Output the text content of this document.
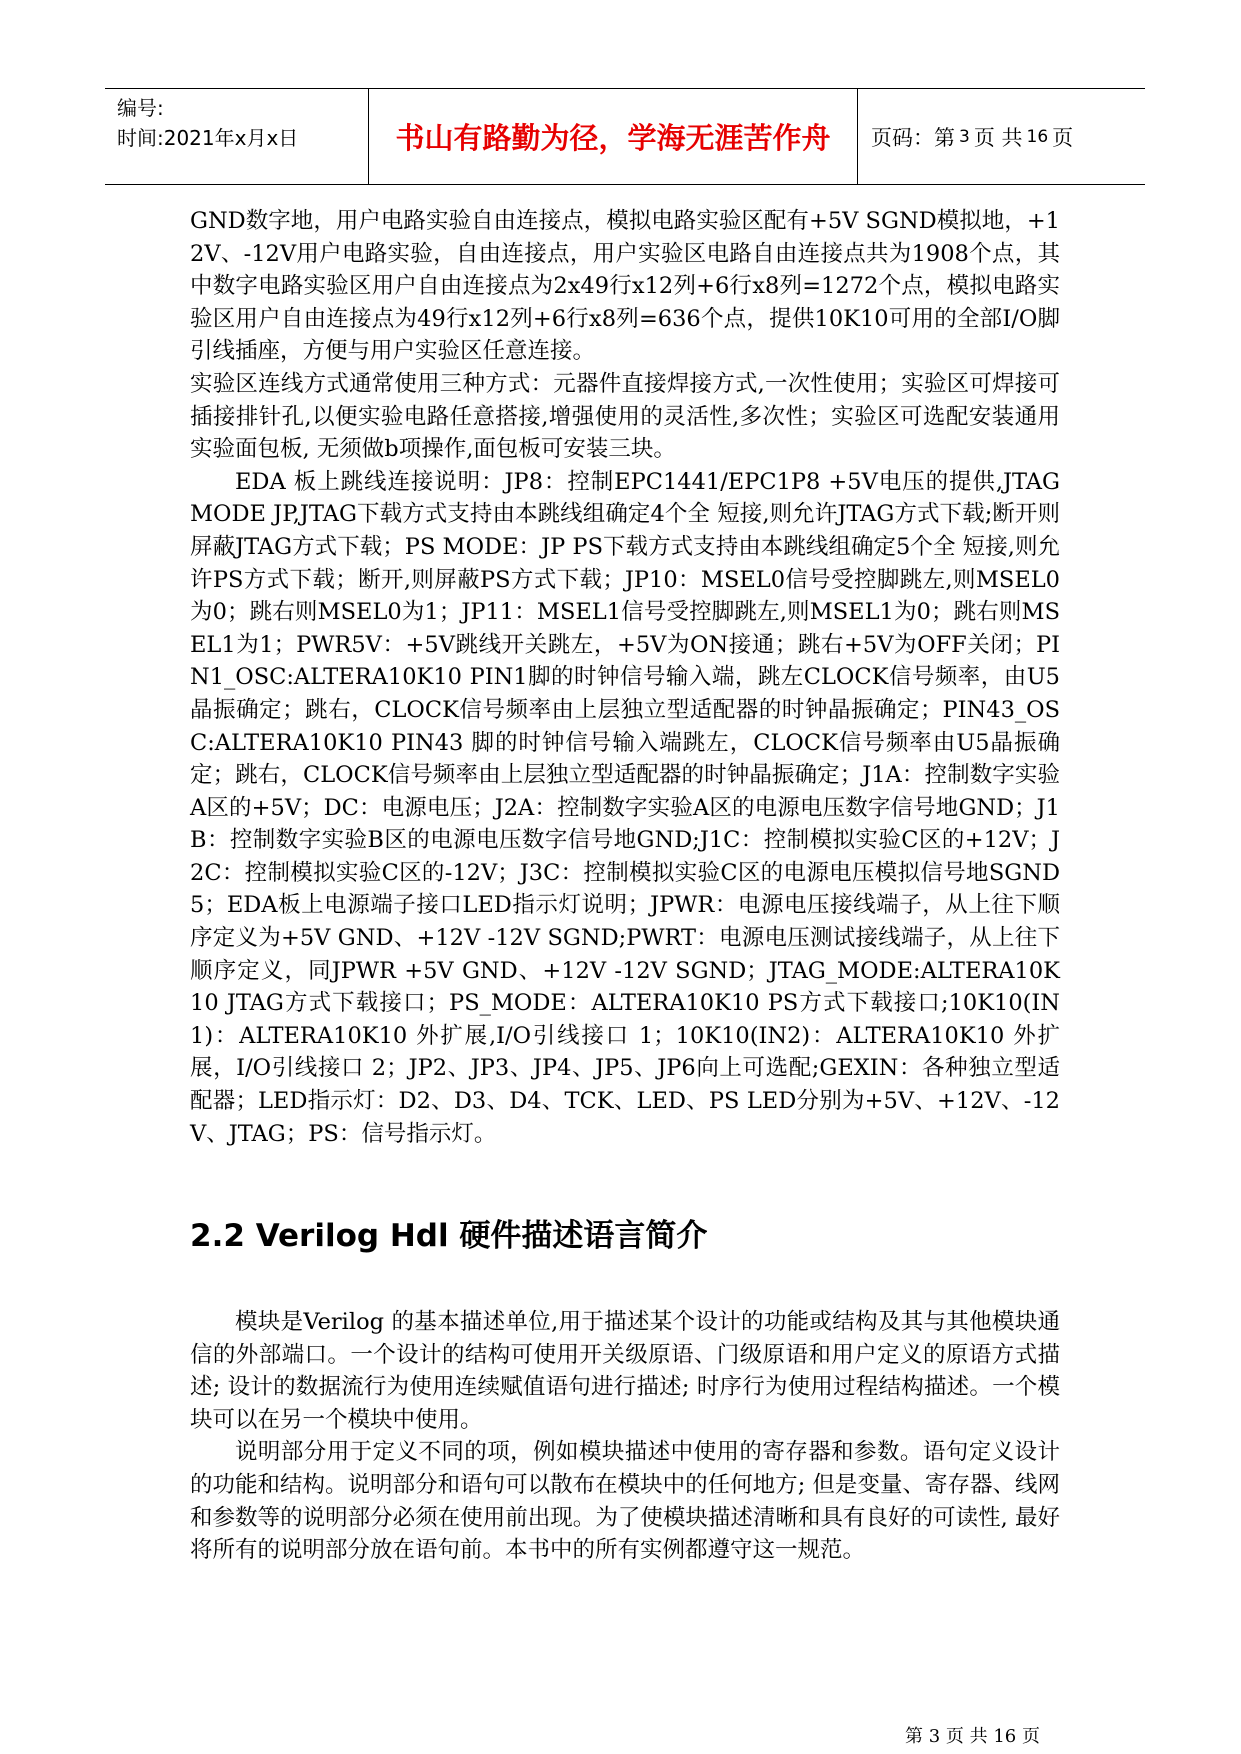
编号:
时间:2021年x月x日	书山有路勤为径，学海无涯苦作舟	页码：第 3 页 共 16 页

GND数字地，用户电路实验自由连接点，模拟电路实验区配有+5V SGND模拟地，+12V、-12V用户电路实验，自由连接点，用户实验区电路自由连接点共为1908个点，其中数字电路实验区用户自由连接点为2x49行x12列+6行x8列=1272个点，模拟电路实验区用户自由连接点为49行x12列+6行x8列=636个点，提供10K10可用的全部I/O脚引线插座，方便与用户实验区任意连接。

实验区连线方式通常使用三种方式：元器件直接焊接方式,一次性使用；实验区可焊接可插接排针孔,以便实验电路任意搭接,增强使用的灵活性,多次性；实验区可选配安装通用实验面包板, 无须做b项操作,面包板可安装三块。

EDA 板上跳线连接说明：JP8：控制EPC1441/EPC1P8 +5V电压的提供,JTAG MODE JP,JTAG下载方式支持由本跳线组确定4个全 短接,则允许JTAG方式下载;断开则屏蔽JTAG方式下载；PS MODE：JP PS下载方式支持由本跳线组确定5个全 短接,则允许PS方式下载；断开,则屏蔽PS方式下载；JP10：MSEL0信号受控脚跳左,则MSEL0为0；跳右则MSEL0为1；JP11：MSEL1信号受控脚跳左,则MSEL1为0；跳右则MSEL1为1；PWR5V：+5V跳线开关跳左，+5V为ON接通；跳右+5V为OFF关闭；PIN1_OSC:ALTERA10K10 PIN1脚的时钟信号输入端，跳左CLOCK信号频率，由U5晶振确定；跳右，CLOCK信号频率由上层独立型适配器的时钟晶振确定；PIN43_OSC:ALTERA10K10 PIN43 脚的时钟信号输入端跳左，CLOCK信号频率由U5晶振确定；跳右，CLOCK信号频率由上层独立型适配器的时钟晶振确定；J1A：控制数字实验A区的+5V；DC：电源电压；J2A：控制数字实验A区的电源电压数字信号地GND；J1B：控制数字实验B区的电源电压数字信号地GND;J1C：控制模拟实验C区的+12V；J2C：控制模拟实验C区的-12V；J3C：控制模拟实验C区的电源电压模拟信号地SGND 5；EDA板上电源端子接口LED指示灯说明；JPWR：电源电压接线端子，从上往下顺序定义为+5V GND、+12V -12V SGND;PWRT：电源电压测试接线端子，从上往下顺序定义，同JPWR +5V GND、+12V -12V SGND；JTAG_MODE:ALTERA10K10 JTAG方式下载接口；PS_MODE：ALTERA10K10 PS方式下载接口;10K10(IN1)：ALTERA10K10 外扩展,I/O引线接口 1；10K10(IN2)：ALTERA10K10 外扩展，I/O引线接口 2；JP2、JP3、JP4、JP5、JP6向上可选配;GEXIN：各种独立型适配器；LED指示灯：D2、D3、D4、TCK、LED、PS LED分别为+5V、+12V、-12V、JTAG；PS：信号指示灯。

2.2 Verilog Hdl 硬件描述语言简介

模块是Verilog 的基本描述单位,用于描述某个设计的功能或结构及其与其他模块通信的外部端口。一个设计的结构可使用开关级原语、门级原语和用户定义的原语方式描述; 设计的数据流行为使用连续赋值语句进行描述; 时序行为使用过程结构描述。一个模块可以在另一个模块中使用。

说明部分用于定义不同的项，例如模块描述中使用的寄存器和参数。语句定义设计的功能和结构。说明部分和语句可以散布在模块中的任何地方; 但是变量、寄存器、线网和参数等的说明部分必须在使用前出现。为了使模块描述清晰和具有良好的可读性, 最好将所有的说明部分放在语句前。本书中的所有实例都遵守这一规范。

第 3 页 共 16 页
